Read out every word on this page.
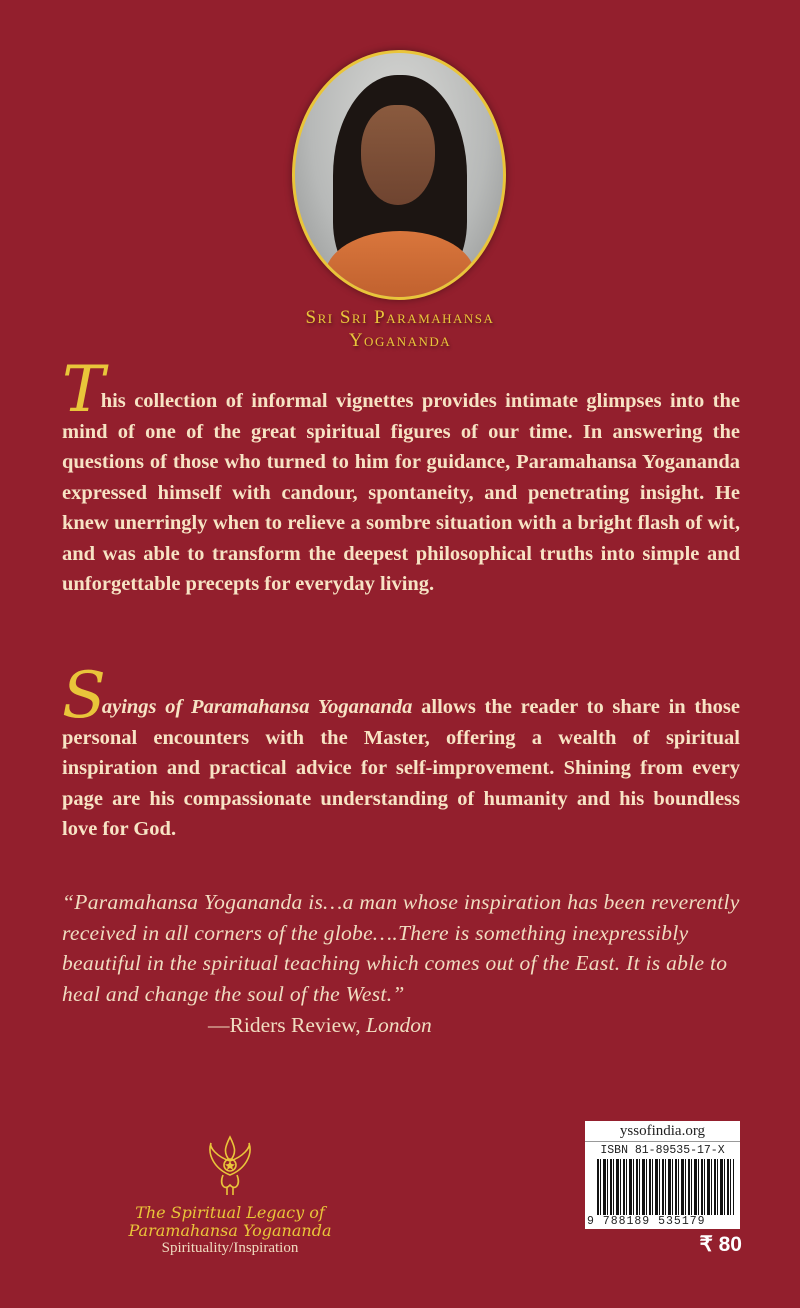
Sri Sri Paramahansa
Yogananda
This collection of informal vignettes provides intimate glimpses into the mind of one of the great spiritual figures of our time. In answering the questions of those who turned to him for guidance, Paramahansa Yogananda expressed himself with candour, spontaneity, and penetrating insight. He knew unerringly when to relieve a sombre situation with a bright flash of wit, and was able to transform the deepest philosophical truths into simple and unforgettable precepts for everyday living.
Sayings of Paramahansa Yogananda allows the reader to share in those personal encounters with the Master, offering a wealth of spiritual inspiration and practical advice for self-improvement. Shining from every page are his compassionate understanding of humanity and his boundless love for God.
“Paramahansa Yogananda is…a man whose inspiration has been reverently received in all corners of the globe….There is something inexpressibly beautiful in the spiritual teaching which comes out of the East. It is able to heal and change the soul of the West.”
—Riders Review, London
The Spiritual Legacy of
Paramahansa Yogananda
Spirituality/Inspiration
yssofindia.org
ISBN 81-89535-17-X
9 788189 535179
₹ 80
